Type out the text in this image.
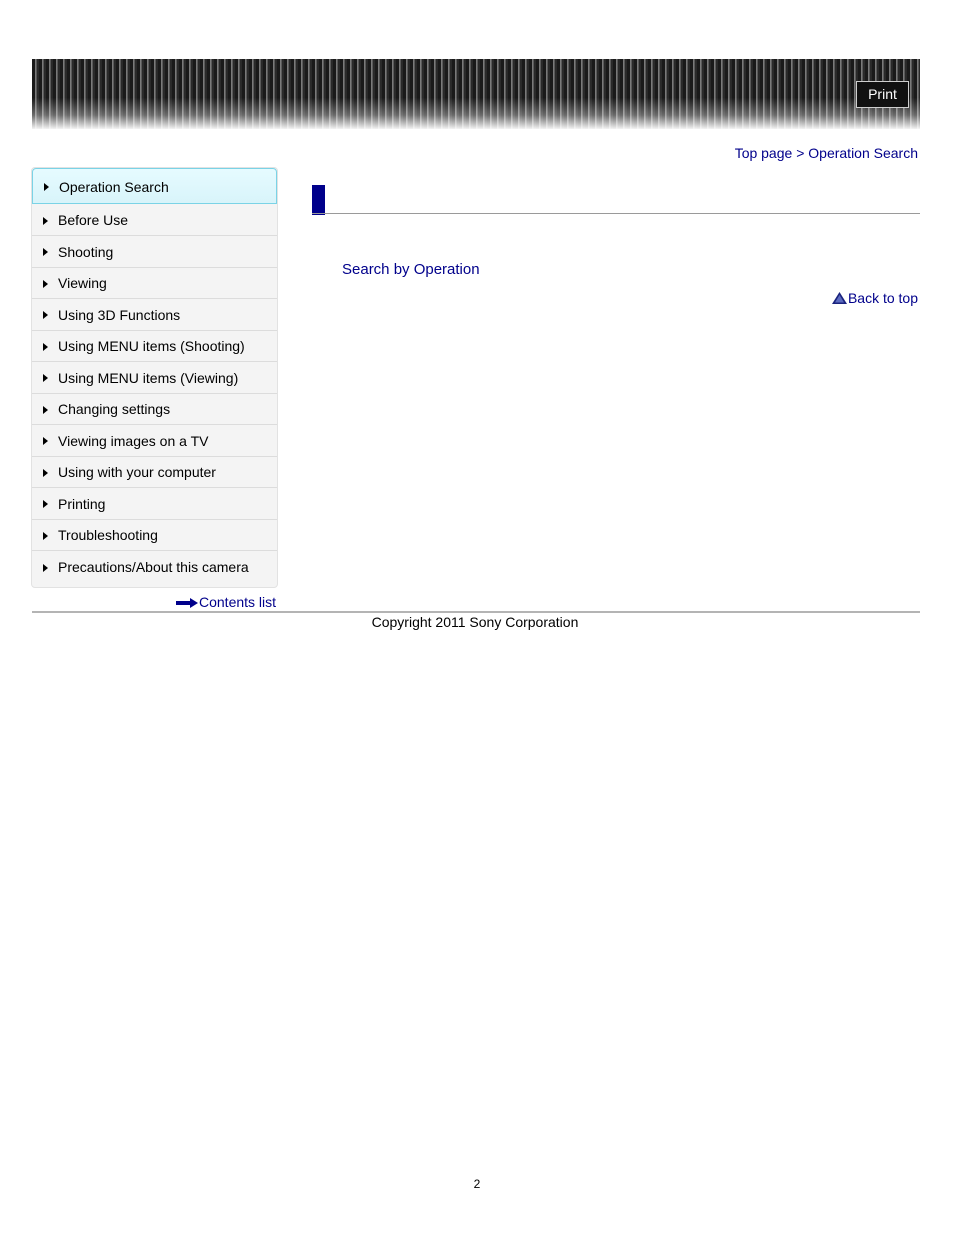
Print
Top page > Operation Search
Operation Search
Before Use
Shooting
Viewing
Using 3D Functions
Using MENU items (Shooting)
Using MENU items (Viewing)
Changing settings
Viewing images on a TV
Using with your computer
Printing
Troubleshooting
Precautions/About this camera
Contents list
Search by Operation
Back to top
Copyright 2011 Sony Corporation
2
